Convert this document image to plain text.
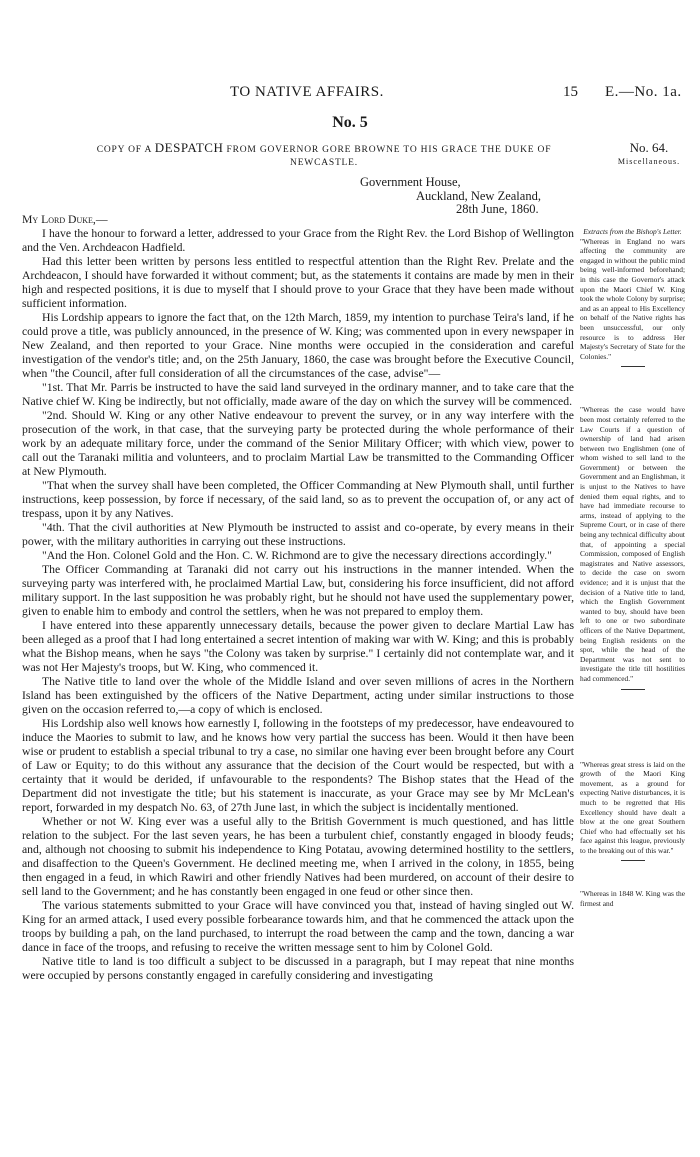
TO NATIVE AFFAIRS.	15 E.—No. 1a.
No. 5
COPY OF A DESPATCH FROM GOVERNOR GORE BROWNE TO HIS GRACE THE DUKE OF NEWCASTLE.
No. 64.
Miscellaneous.
Government House,
Auckland, New Zealand,
28th June, 1860.

My Lord Duke,—

I have the honour to forward a letter, addressed to your Grace from the Right Rev. the Lord Bishop of Wellington and the Ven. Archdeacon Hadfield.

Had this letter been written by persons less entitled to respectful attention than the Right Rev. Prelate and the Archdeacon, I should have forwarded it without comment; but, as the statements it contains are made by men in their high and respected positions, it is due to myself that I should prove to your Grace that they have been made without sufficient information.

His Lordship appears to ignore the fact that, on the 12th March, 1859, my intention to purchase Teira's land, if he could prove a title, was publicly announced, in the presence of W. King; was commented upon in every newspaper in New Zealand, and then reported to your Grace. Nine months were occupied in the consideration and careful investigation of the vendor's title; and, on the 25th January, 1860, the case was brought before the Executive Council, when "the Council, after full consideration of all the circumstances of the case, advise"—

"1st. That Mr. Parris be instructed to have the said land surveyed in the ordinary manner, and to take care that the Native chief W. King be indirectly, but not officially, made aware of the day on which the survey will be commenced.

"2nd. Should W. King or any other Native endeavour to prevent the survey, or in any way interfere with the prosecution of the work, in that case, that the surveying party be protected during the whole performance of their work by an adequate military force, under the command of the Senior Military Officer; with which view, power to call out the Taranaki militia and volunteers, and to proclaim Martial Law be transmitted to the Commanding Officer at New Plymouth.

"That when the survey shall have been completed, the Officer Commanding at New Plymouth shall, until further instructions, keep possession, by force if necessary, of the said land, so as to prevent the occupation of, or any act of trespass, upon it by any Natives.

"4th. That the civil authorities at New Plymouth be instructed to assist and co-operate, by every means in their power, with the military authorities in carrying out these instructions.

"And the Hon. Colonel Gold and the Hon. C. W. Richmond are to give the necessary directions accordingly."

The Officer Commanding at Taranaki did not carry out his instructions in the manner intended. When the surveying party was interfered with, he proclaimed Martial Law, but, considering his force insufficient, did not afford military support. In the last supposition he was probably right, but he should not have used the supplementary power, given to enable him to embody and control the settlers, when he was not prepared to employ them.

I have entered into these apparently unnecessary details, because the power given to declare Martial Law has been alleged as a proof that I had long entertained a secret intention of making war with W. King; and this is probably what the Bishop means, when he says "the Colony was taken by surprise." I certainly did not contemplate war, and it was not Her Majesty's troops, but W. King, who commenced it.

The Native title to land over the whole of the Middle Island and over seven millions of acres in the Northern Island has been extinguished by the officers of the Native Department, acting under similar instructions to those given on the occasion referred to,—a copy of which is enclosed.

His Lordship also well knows how earnestly I, following in the footsteps of my predecessor, have endeavoured to induce the Maories to submit to law, and he knows how very partial the success has been. Would it then have been wise or prudent to establish a special tribunal to try a case, no similar one having ever been brought before any Court of Law or Equity; to do this without any assurance that the decision of the Court would be respected, but with a certainty that it would be derided, if unfavourable to the respondents? The Bishop states that the Head of the Department did not investigate the title; but his statement is inaccurate, as your Grace may see by Mr McLean's report, forwarded in my despatch No. 63, of 27th June last, in which the subject is incidentally mentioned.

Whether or not W. King ever was a useful ally to the British Government is much questioned, and has little relation to the subject. For the last seven years, he has been a turbulent chief, constantly engaged in bloody feuds; and, although not choosing to submit his independence to King Potatau, avowing determined hostility to the settlers, and disaffection to the Queen's Government. He declined meeting me, when I arrived in the colony, in 1855, being then engaged in a feud, in which Rawiri and other friendly Natives had been murdered, on account of their desire to sell land to the Government; and he has constantly been engaged in one feud or other since then.

The various statements submitted to your Grace will have convinced you that, instead of having singled out W. King for an armed attack, I used every possible forbearance towards him, and that he commenced the attack upon the troops by building a pah, on the land purchased, to interrupt the road between the camp and the town, dancing a war dance in face of the troops, and refusing to receive the written message sent to him by Colonel Gold.

Native title to land is too difficult a subject to be discussed in a paragraph, but I may repeat that nine months were occupied by persons constantly engaged in carefully considering and investigating

Extracts from the Bishop's Letter.

"Whereas in England no wars affecting the community are engaged in without the public mind being well-informed beforehand; in this case the Governor's attack upon the Maori Chief W. King took the whole Colony by surprise; and as an appeal to His Excellency on behalf of the Native rights has been unsuccessful, our only resource is to address Her Majesty's Secretary of State for the Colonies."

"Whereas the case would have been most certainly referred to the Law Courts if a question of ownership of land had arisen between two Englishmen (one of whom wished to sell land to the Government) or between the Government and an Englishman, it is unjust to the Natives to have denied them equal rights, and to have had immediate recourse to arms, instead of applying to the Supreme Court, or in case of there being any technical difficulty about that, of appointing a special Commission, composed of English magistrates and Native assessors, to decide the case on sworn evidence; and it is unjust that the decision of a Native title to land, which the English Government wanted to buy, should have been left to one or two subordinate officers of the Native Department, being English residents on the spot, while the head of the Department was not sent to investigate the title till hostilities had commenced."

"Whereas great stress is laid on the growth of the Maori King movement, as a ground for expecting Native disturbances, it is much to be regretted that His Excellency should have dealt a blow at the one great Southern Chief who had effectually set his face against this league, previously to the breaking out of this war."

"Whereas in 1848 W. King was the firmest and
